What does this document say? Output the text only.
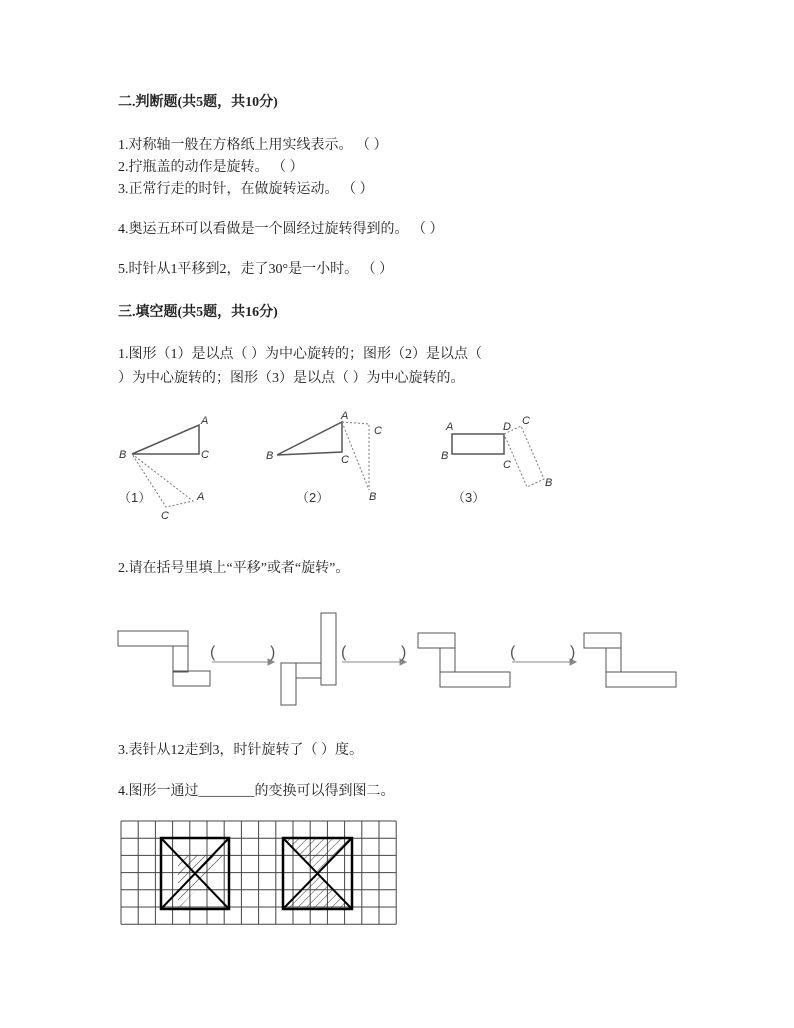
二.判断题(共5题，共10分)
1.对称轴一般在方格纸上用实线表示。 （ ）
2.拧瓶盖的动作是旋转。 （ ）
3.正常行走的时针，在做旋转运动。 （ ）
4.奥运五环可以看做是一个圆经过旋转得到的。 （ ）
5.时针从1平移到2，走了30°是一小时。 （ ）
三.填空题(共5题，共16分)
1.图形（1）是以点（ ）为中心旋转的；图形（2）是以点（
）为中心旋转的；图形（3）是以点（ ）为中心旋转的。
A
B	C
A
C
（1）
A
B	C
C
B
（2）
A	D C
B
C
B
（3）
(	)	(	)	(	)
2.请在括号里填上“平移”或者“旋转”。
3.表针从12走到3，时针旋转了（ ）度。
4.图形一通过________的变换可以得到图二。
